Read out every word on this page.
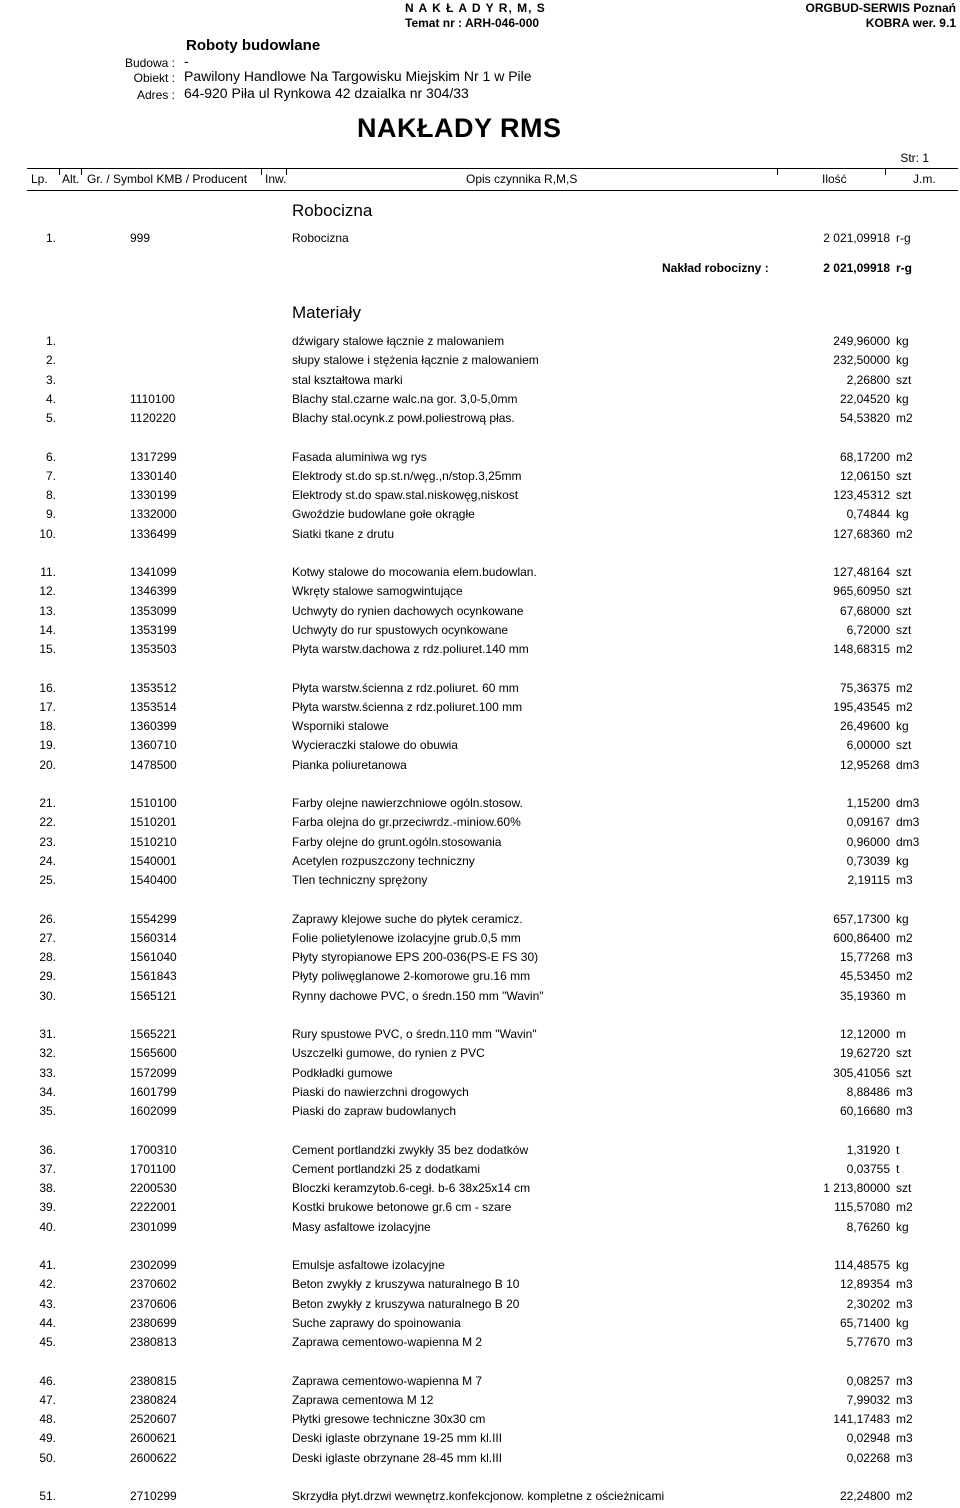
N A K Ł A D Y R, M, S
Temat nr : ARH-046-000
ORGBUD-SERWIS Poznań
KOBRA wer. 9.1
Roboty budowlane
Budowa : -
Obiekt : Pawilony Handlowe Na Targowisku Miejskim Nr 1 w Pile
Adres : 64-920 Piła ul Rynkowa 42 dzaialka nr 304/33
NAKŁADY RMS
Str: 1
Lp. Alt. Gr. / Symbol KMB / Producent Inw.	Opis czynnika R,M,S	Ilość	J.m.
Robocizna
1.	999	Robocizna	2 021,09918 r-g
Nakład robocizny :	2 021,09918 r-g
Materiały
1.	dźwigary stalowe łącznie z malowaniem	249,96000 kg
2.	słupy stalowe i stężenia łącznie z malowaniem	232,50000 kg
3.	stal kształtowa marki	2,26800 szt
4.	1110100	Blachy stal.czarne walc.na gor. 3,0-5,0mm	22,04520 kg
5.	1120220	Blachy stal.ocynk.z powł.poliestrową płas.	54,53820 m2
6.	1317299	Fasada aluminiwa wg rys	68,17200 m2
7.	1330140	Elektrody st.do sp.st.n/węg.,n/stop.3,25mm	12,06150 szt
8.	1330199	Elektrody st.do spaw.stal.niskowęg,niskost	123,45312 szt
9.	1332000	Gwoździe budowlane gołe okrągłe	0,74844 kg
10.	1336499	Siatki tkane z drutu	127,68360 m2
11.	1341099	Kotwy stalowe do mocowania elem.budowlan.	127,48164 szt
12.	1346399	Wkręty stalowe samogwintujące	965,60950 szt
13.	1353099	Uchwyty do rynien dachowych ocynkowane	67,68000 szt
14.	1353199	Uchwyty do rur spustowych ocynkowane	6,72000 szt
15.	1353503	Płyta warstw.dachowa z rdz.poliuret.140 mm	148,68315 m2
16.	1353512	Płyta warstw.ścienna z rdz.poliuret. 60 mm	75,36375 m2
17.	1353514	Płyta warstw.ścienna z rdz.poliuret.100 mm	195,43545 m2
18.	1360399	Wsporniki stalowe	26,49600 kg
19.	1360710	Wycieraczki stalowe do obuwia	6,00000 szt
20.	1478500	Pianka poliuretanowa	12,95268 dm3
21.	1510100	Farby olejne nawierzchniowe ogóln.stosow.	1,15200 dm3
22.	1510201	Farba olejna do gr.przeciwrdz.-miniow.60%	0,09167 dm3
23.	1510210	Farby olejne do grunt.ogóln.stosowania	0,96000 dm3
24.	1540001	Acetylen rozpuszczony techniczny	0,73039 kg
25.	1540400	Tlen techniczny sprężony	2,19115 m3
26.	1554299	Zaprawy klejowe suche do płytek ceramicz.	657,17300 kg
27.	1560314	Folie polietylenowe izolacyjne grub.0,5 mm	600,86400 m2
28.	1561040	Płyty styropianowe EPS 200-036(PS-E FS 30)	15,77268 m3
29.	1561843	Płyty poliwęglanowe 2-komorowe gru.16 mm	45,53450 m2
30.	1565121	Rynny dachowe PVC, o średn.150 mm "Wavin"	35,19360 m
31.	1565221	Rury spustowe PVC, o średn.110 mm "Wavin"	12,12000 m
32.	1565600	Uszczelki gumowe, do rynien z PVC	19,62720 szt
33.	1572099	Podkładki gumowe	305,41056 szt
34.	1601799	Piaski do nawierzchni drogowych	8,88486 m3
35.	1602099	Piaski do zapraw budowlanych	60,16680 m3
36.	1700310	Cement portlandzki zwykły 35 bez dodatków	1,31920 t
37.	1701100	Cement portlandzki 25 z dodatkami	0,03755 t
38.	2200530	Bloczki keramzytob.6-cegł. b-6 38x25x14 cm	1 213,80000 szt
39.	2222001	Kostki brukowe betonowe gr.6 cm - szare	115,57080 m2
40.	2301099	Masy asfaltowe izolacyjne	8,76260 kg
41.	2302099	Emulsje asfaltowe izolacyjne	114,48575 kg
42.	2370602	Beton zwykły z kruszywa naturalnego B 10	12,89354 m3
43.	2370606	Beton zwykły z kruszywa naturalnego B 20	2,30202 m3
44.	2380699	Suche zaprawy do spoinowania	65,71400 kg
45.	2380813	Zaprawa cementowo-wapienna M 2	5,77670 m3
46.	2380815	Zaprawa cementowo-wapienna M 7	0,08257 m3
47.	2380824	Zaprawa cementowa M 12	7,99032 m3
48.	2520607	Płytki gresowe techniczne 30x30 cm	141,17483 m2
49.	2600621	Deski iglaste obrzynane 19-25 mm kl.III	0,02948 m3
50.	2600622	Deski iglaste obrzynane 28-45 mm kl.III	0,02268 m3
51.	2710299	Skrzydła płyt.drzwi wewnętrz.konfekcjonow. kompletne z ościeżnicami	22,24800 m2
